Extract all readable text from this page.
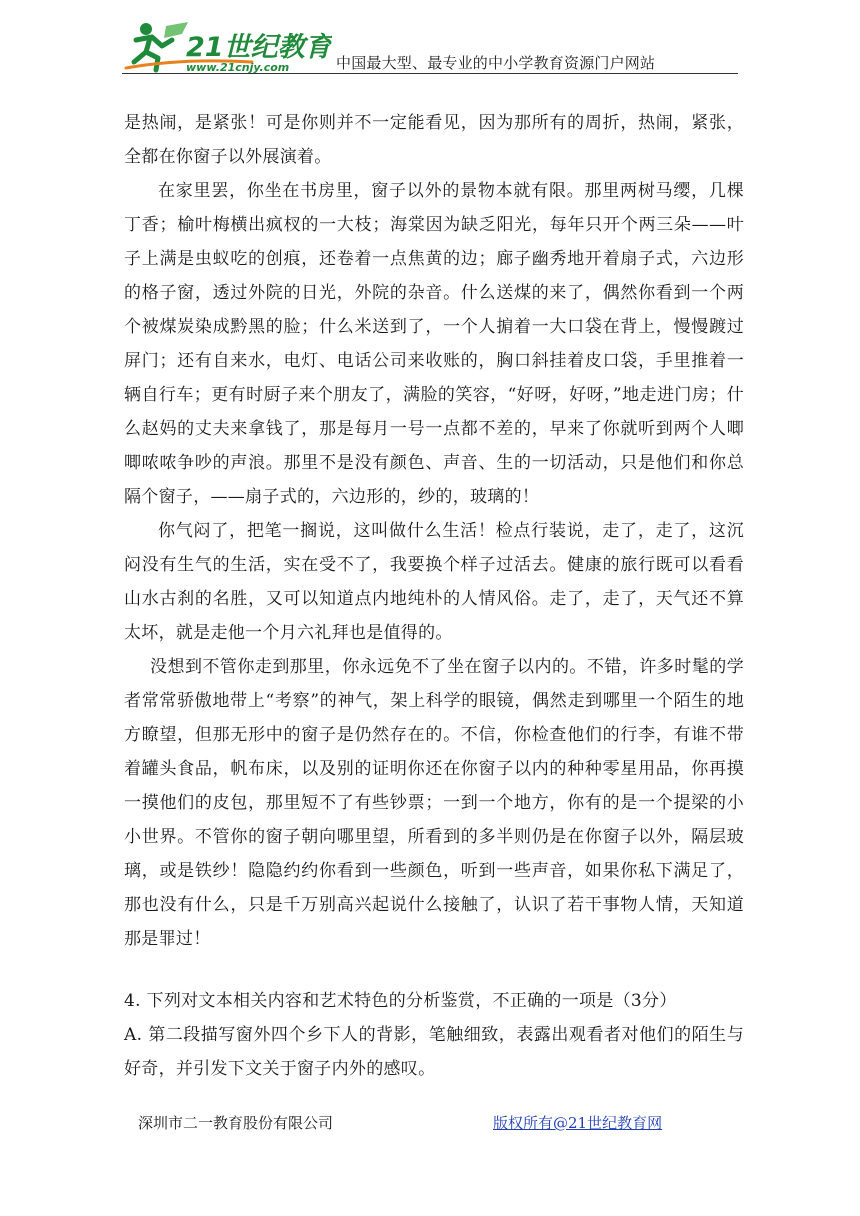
21世纪教育
www.21cnjy.com	中国最大型、最专业的中小学教育资源门户网站

是热闹，是紧张！可是你则并不一定能看见，因为那所有的周折，热闹，紧张，全都在你窗子以外展演着。

在家里罢，你坐在书房里，窗子以外的景物本就有限。那里两树马缨，几棵丁香；榆叶梅横出疯杈的一大枝；海棠因为缺乏阳光，每年只开个两三朵——叶子上满是虫蚁吃的创痕，还卷着一点焦黄的边；廊子幽秀地开着扇子式，六边形的格子窗，透过外院的日光，外院的杂音。什么送煤的来了，偶然你看到一个两个被煤炭染成黔黑的脸；什么米送到了，一个人掮着一大口袋在背上，慢慢踱过屏门；还有自来水，电灯、电话公司来收账的，胸口斜挂着皮口袋，手里推着一辆自行车；更有时厨子来个朋友了，满脸的笑容，“好呀，好呀，”地走进门房；什么赵妈的丈夫来拿钱了，那是每月一号一点都不差的，早来了你就听到两个人唧唧哝哝争吵的声浪。那里不是没有颜色、声音、生的一切活动，只是他们和你总隔个窗子，——扇子式的，六边形的，纱的，玻璃的！

你气闷了，把笔一搁说，这叫做什么生活！检点行装说，走了，走了，这沉闷没有生气的生活，实在受不了，我要换个样子过活去。健康的旅行既可以看看山水古刹的名胜，又可以知道点内地纯朴的人情风俗。走了，走了，天气还不算太坏，就是走他一个月六礼拜也是值得的。

没想到不管你走到那里，你永远免不了坐在窗子以内的。不错，许多时髦的学者常常骄傲地带上“考察”的神气，架上科学的眼镜，偶然走到哪里一个陌生的地方瞭望，但那无形中的窗子是仍然存在的。不信，你检查他们的行李，有谁不带着罐头食品，帆布床，以及别的证明你还在你窗子以内的种种零星用品，你再摸一摸他们的皮包，那里短不了有些钞票；一到一个地方，你有的是一个提梁的小小世界。不管你的窗子朝向哪里望，所看到的多半则仍是在你窗子以外，隔层玻璃，或是铁纱！隐隐约约你看到一些颜色，听到一些声音，如果你私下满足了，那也没有什么，只是千万别高兴起说什么接触了，认识了若干事物人情，天知道那是罪过！

4. 下列对文本相关内容和艺术特色的分析鉴赏，不正确的一项是（3分）

A. 第二段描写窗外四个乡下人的背影，笔触细致，表露出观看者对他们的陌生与好奇，并引发下文关于窗子内外的感叹。

深圳市二一教育股份有限公司	版权所有@21世纪教育网
